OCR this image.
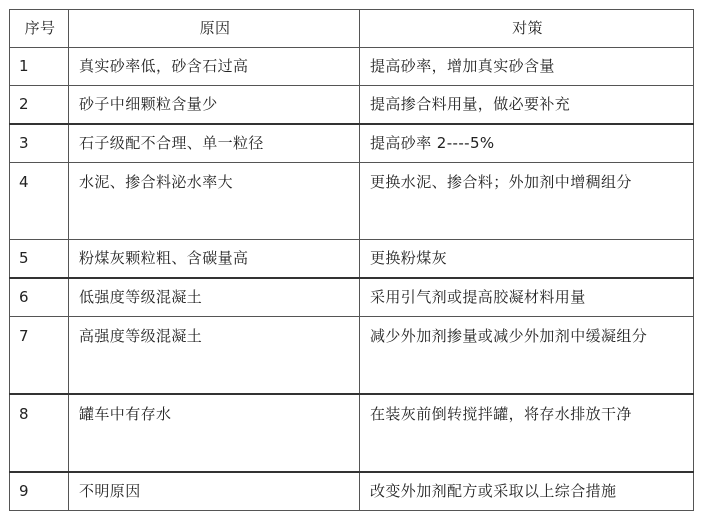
序号	原因	对策
1	真实砂率低，砂含石过高	提高砂率，增加真实砂含量
2	砂子中细颗粒含量少	提高掺合料用量，做必要补充
3	石子级配不合理、单一粒径	提高砂率 2----5%
4	水泥、掺合料泌水率大	更换水泥、掺合料；外加剂中增稠组分
5	粉煤灰颗粒粗、含碳量高	更换粉煤灰
6	低强度等级混凝土	采用引气剂或提高胶凝材料用量
7	高强度等级混凝土	减少外加剂掺量或减少外加剂中缓凝组分
8	罐车中有存水	在装灰前倒转搅拌罐，将存水排放干净
9	不明原因	改变外加剂配方或采取以上综合措施
